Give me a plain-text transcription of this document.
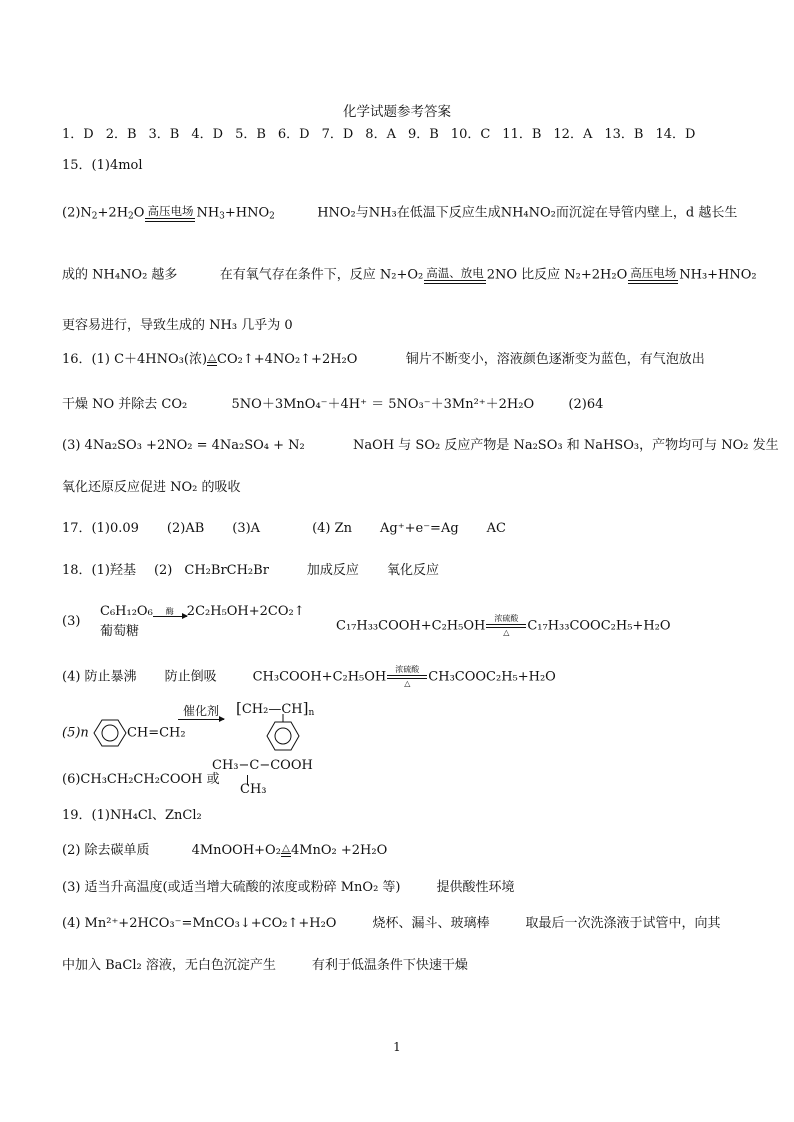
化学试题参考答案
1．D 2．B 3．B 4．D 5．B 6．D 7．D 8．A 9．B 10．C 11．B 12．A 13．B 14．D
15．(1)4mol
$(2)N_2+2H_2O$ 高压电场 $NH_3+HNO_2$	HNO₂与NH₃在低温下反应生成NH₄NO₂而沉淀在导管内壁上，d 越长生
成的 NH₄NO₂ 越多	在有氧气存在条件下，反应 N₂+O₂ 高温、放电 2NO 比反应 N₂+2H₂O 高压电场 NH₃+HNO₂
更容易进行，导致生成的 NH₃ 几乎为 0
16．(1) C＋4HNO₃(浓) △ CO₂↑+4NO₂↑+2H₂O	铜片不断变小，溶液颜色逐渐变为蓝色，有气泡放出
干燥 NO 并除去 CO₂	5NO＋3MnO₄⁻＋4H⁺ ＝ 5NO₃⁻＋3Mn²⁺＋2H₂O	(2)64
(3) 4Na₂SO₃ +2NO₂ = 4Na₂SO₄ + N₂	NaOH 与 SO₂ 反应产物是 Na₂SO₃ 和 NaHSO₃，产物均可与 NO₂ 发生
氧化还原反应促进 NO₂ 的吸收
17．(1)0.09 (2)AB (3)A	(4) Zn Ag⁺+e⁻=Ag AC
18．(1)羟基 (2) CH₂BrCH₂Br	加成反应 氧化反应
(3)
C₆H₁₂O₆ 酶 2C₂H₅OH+2CO₂↑
葡萄糖	C₁₇H₃₃COOH+C₂H₅OH 浓硫酸
△ C₁₇H₃₃COOC₂H₅+H₂O
(4) 防止暴沸 防止倒吸	CH₃COOH+C₂H₅OH 浓硫酸
△ CH₃COOC₂H₅+H₂O
(5)n	CH=CH₂
催化剂 $[CH_2—CH]_n$
(6)CH₃CH₂CH₂COOH 或
CH₃−C−COOH
CH₃
19．(1)NH₄Cl、ZnCl₂
(2) 除去碳单质	4MnOOH+O₂ △ 4MnO₂ +2H₂O
(3) 适当升高温度(或适当增大硫酸的浓度或粉碎 MnO₂ 等)	提供酸性环境
(4) Mn²⁺+2HCO₃⁻=MnCO₃↓+CO₂↑+H₂O	烧杯、漏斗、玻璃棒	取最后一次洗涤液于试管中，向其
中加入 BaCl₂ 溶液，无白色沉淀产生	有利于低温条件下快速干燥
1
